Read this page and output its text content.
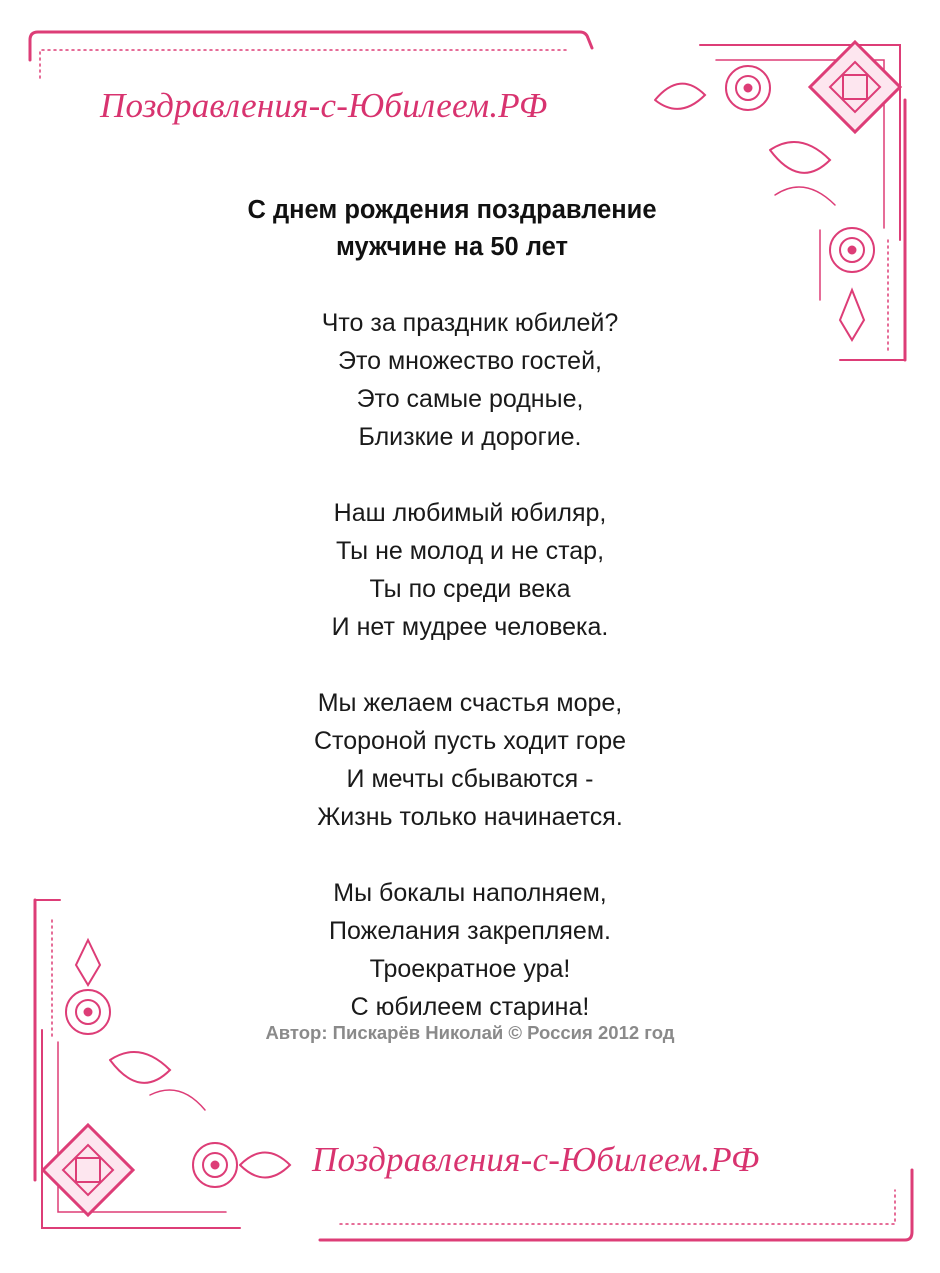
Поздравления-с-Юбилеем.РФ
С днем рождения поздравление
мужчине на 50 лет
Что за праздник юбилей?
Это множество гостей,
Это самые родные,
Близкие и дорогие.
Наш любимый юбиляр,
Ты не молод и не стар,
Ты по среди века
И нет мудрее человека.
Мы желаем счастья море,
Стороной пусть ходит горе
И мечты сбываются -
Жизнь только начинается.
Мы бокалы наполняем,
Пожелания закрепляем.
Троекратное ура!
С юбилеем старина!
Автор: Пискарёв Николай © Россия 2012 год
Поздравления-с-Юбилеем.РФ
